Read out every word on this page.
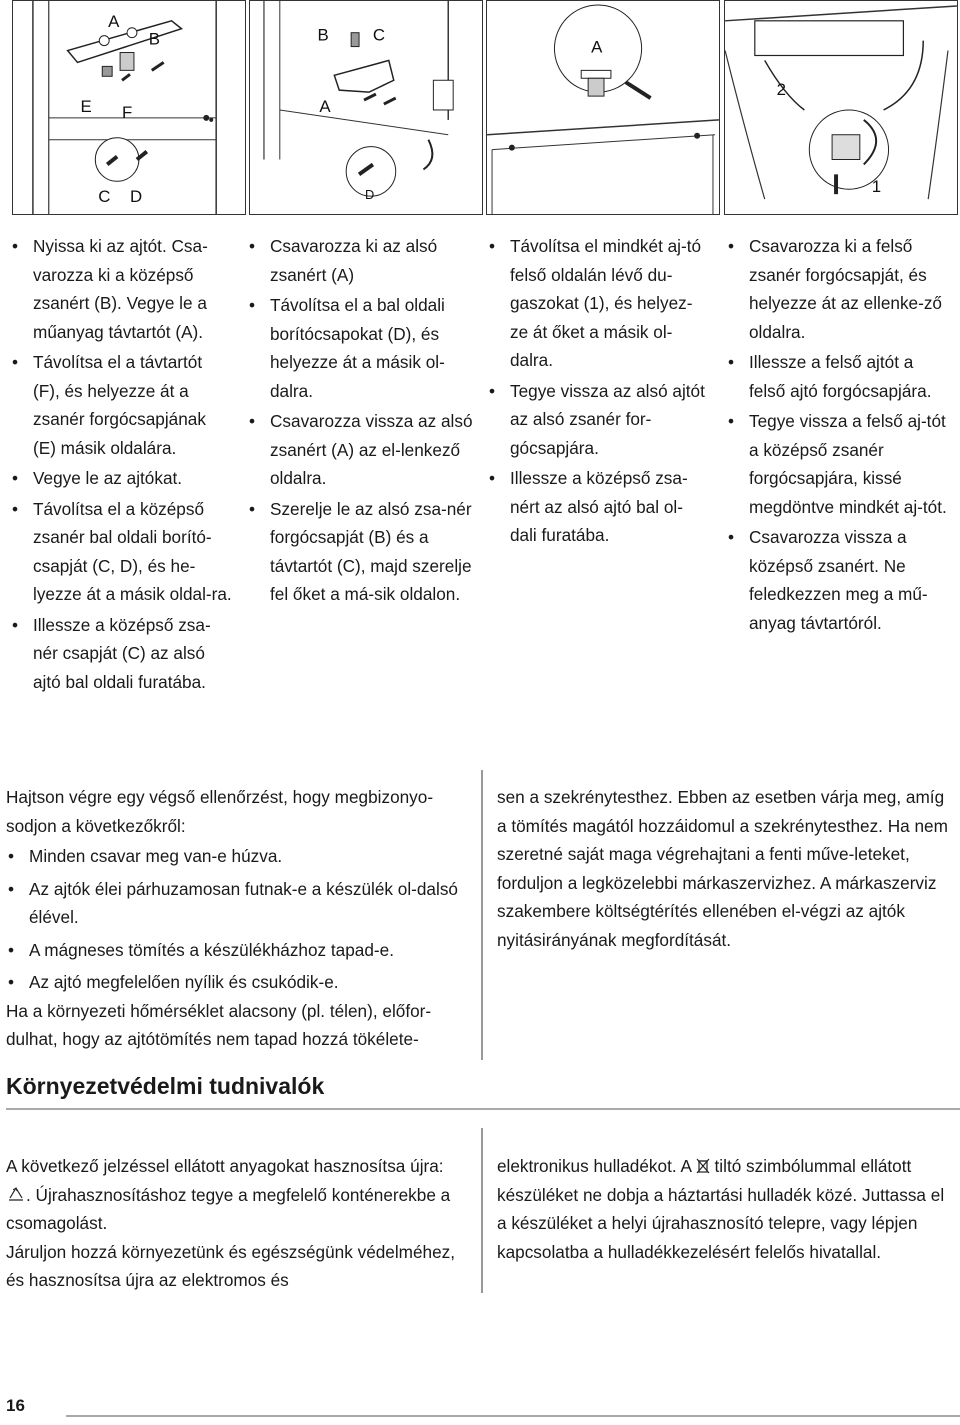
A
B
E F
C D
B	C
A
D
A
2
1
• Nyissa ki az ajtót. Csa-varozza ki a középső zsanért (B). Vegye le a műanyag távtartót (A).
• Távolítsa el a távtartót (F), és helyezze át a zsanér forgócsapjának (E) másik oldalára.
• Vegye le az ajtókat.
• Távolítsa el a középső zsanér bal oldali borító-csapját (C, D), és he-lyezze át a másik oldal-ra.
• Illessze a középső zsa-nér csapját (C) az alsó ajtó bal oldali furatába.
• Csavarozza ki az alsó zsanért (A)
• Távolítsa el a bal oldali borítócsapokat (D), és helyezze át a másik ol-dalra.
• Csavarozza vissza az alsó zsanért (A) az el-lenkező oldalra.
• Szerelje le az alsó zsa-nér forgócsapját (B) és a távtartót (C), majd szerelje fel őket a má-sik oldalon.
• Távolítsa el mindkét aj-tó felső oldalán lévő du-gaszokat (1), és helyez-ze át őket a másik ol-dalra.
• Tegye vissza az alsó ajtót az alsó zsanér for-gócsapjára.
• Illessze a középső zsa-nért az alsó ajtó bal ol-dali furatába.
• Csavarozza ki a felső zsanér forgócsapját, és helyezze át az ellenke-ző oldalra.
• Illessze a felső ajtót a felső ajtó forgócsapjára.
• Tegye vissza a felső aj-tót a középső zsanér forgócsapjára, kissé megdöntve mindkét aj-tót.
• Csavarozza vissza a középső zsanért. Ne feledkezzen meg a mű-anyag távtartóról.
Hajtson végre egy végső ellenőrzést, hogy megbizonyo-sodjon a következőkről:
• Minden csavar meg van-e húzva.
• Az ajtók élei párhuzamosan futnak-e a készülék ol-dalsó élével.
• A mágneses tömítés a készülékházhoz tapad-e.
• Az ajtó megfelelően nyílik és csukódik-e.
Ha a környezeti hőmérséklet alacsony (pl. télen), előfor-dulhat, hogy az ajtótömítés nem tapad hozzá tökélete-
sen a szekrénytesthez. Ebben az esetben várja meg, amíg a tömítés magától hozzáidomul a szekrénytesthez. Ha nem szeretné saját maga végrehajtani a fenti műve-leteket, forduljon a legközelebbi márkaszervizhez. A márkaszerviz szakembere költségtérítés ellenében el-végzi az ajtók nyitásirányának megfordítását.
Környezetvédelmi tudnivalók
A következő jelzéssel ellátott anyagokat hasznosítsa újra: . Újrahasznosításhoz tegye a megfelelő konténerekbe a csomagolást.
Járuljon hozzá környezetünk és egészségünk védelméhez, és hasznosítsa újra az elektromos és
elektronikus hulladékot. A  tiltó szimbólummal ellátott készüléket ne dobja a háztartási hulladék közé. Juttassa el a készüléket a helyi újrahasznosító telepre, vagy lépjen kapcsolatba a hulladékkezelésért felelős hivatallal.
16
